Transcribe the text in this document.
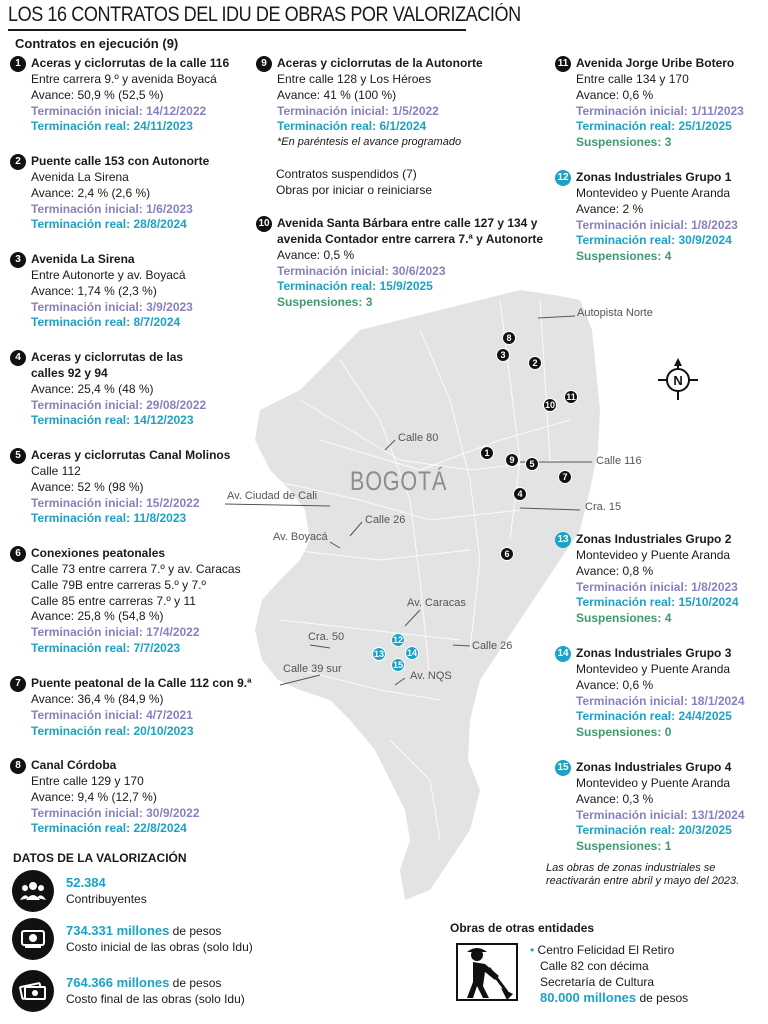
LOS 16 CONTRATOS DEL IDU DE OBRAS POR VALORIZACIÓN
Contratos en ejecución (9)
N
BOGOTÁ
Autopista Norte
Calle 80
Calle 116
Av. Ciudad de Cali
Cra. 15
Calle 26
Av. Boyacá
Av. Caracas
Cra. 50
Calle 26
Calle 39 sur
Av. NQS
8
3
2
11
10
1
9	5
7
4
6
12
13	14
15
1 Aceras y ciclorrutas de la calle 116
Entre carrera 9.º y avenida Boyacá
Avance: 50,9 % (52,5 %)
Terminación inicial: 14/12/2022
Terminación real: 24/11/2023
2 Puente calle 153 con Autonorte
Avenida La Sirena
Avance: 2,4 % (2,6 %)
Terminación inicial: 1/6/2023
Terminación real: 28/8/2024
3 Avenida La Sirena
Entre Autonorte y av. Boyacá
Avance: 1,74 % (2,3 %)
Terminación inicial: 3/9/2023
Terminación real: 8/7/2024
4 Aceras y ciclorrutas de las
calles 92 y 94
Avance: 25,4 % (48 %)
Terminación inicial: 29/08/2022
Terminación real: 14/12/2023
5 Aceras y ciclorrutas Canal Molinos
Calle 112
Avance: 52 % (98 %)
Terminación inicial: 15/2/2022
Terminación real: 11/8/2023
6 Conexiones peatonales
Calle 73 entre carrera 7.º y av. Caracas
Calle 79B entre carreras 5.º y 7.º
Calle 85 entre carreras 7.º y 11
Avance: 25,8 % (54,8 %)
Terminación inicial: 17/4/2022
Terminación real: 7/7/2023
7 Puente peatonal de la Calle 112 con 9.ª
Avance: 36,4 % (84,9 %)
Terminación inicial: 4/7/2021
Terminación real: 20/10/2023
8 Canal Córdoba
Entre calle 129 y 170
Avance: 9,4 % (12,7 %)
Terminación inicial: 30/9/2022
Terminación real: 22/8/2024
9 Aceras y ciclorrutas de la Autonorte
Entre calle 128 y Los Héroes
Avance: 41 % (100 %)
Terminación inicial: 1/5/2022
Terminación real: 6/1/2024
*En paréntesis el avance programado
Contratos suspendidos (7)
Obras por iniciar o reiniciarse
10 Avenida Santa Bárbara entre calle 127 y 134 y
avenida Contador entre carrera 7.ª y Autonorte
Avance: 0,5 %
Terminación inicial: 30/6/2023
Terminación real: 15/9/2025
Suspensiones: 3
11 Avenida Jorge Uribe Botero
Entre calle 134 y 170
Avance: 0,6 %
Terminación inicial: 1/11/2023
Terminación real: 25/1/2025
Suspensiones: 3
12 Zonas Industriales Grupo 1
Montevideo y Puente Aranda
Avance: 2 %
Terminación inicial: 1/8/2023
Terminación real: 30/9/2024
Suspensiones: 4
13 Zonas Industriales Grupo 2
Montevideo y Puente Aranda
Avance: 0,8 %
Terminación inicial: 1/8/2023
Terminación real: 15/10/2024
Suspensiones: 4
14 Zonas Industriales Grupo 3
Montevideo y Puente Aranda
Avance: 0,6 %
Terminación inicial: 18/1/2024
Terminación real: 24/4/2025
Suspensiones: 0
15 Zonas Industriales Grupo 4
Montevideo y Puente Aranda
Avance: 0,3 %
Terminación inicial: 13/1/2024
Terminación real: 20/3/2025
Suspensiones: 1
Las obras de zonas industriales se
reactivarán entre abril y mayo del 2023.
DATOS DE LA VALORIZACIÓN
52.384
Contribuyentes
734.331 millones de pesos
Costo inicial de las obras (solo Idu)
764.366 millones de pesos
Costo final de las obras (solo Idu)
Obras de otras entidades
• Centro Felicidad El Retiro
Calle 82 con décima
Secretaría de Cultura
80.000 millones de pesos
